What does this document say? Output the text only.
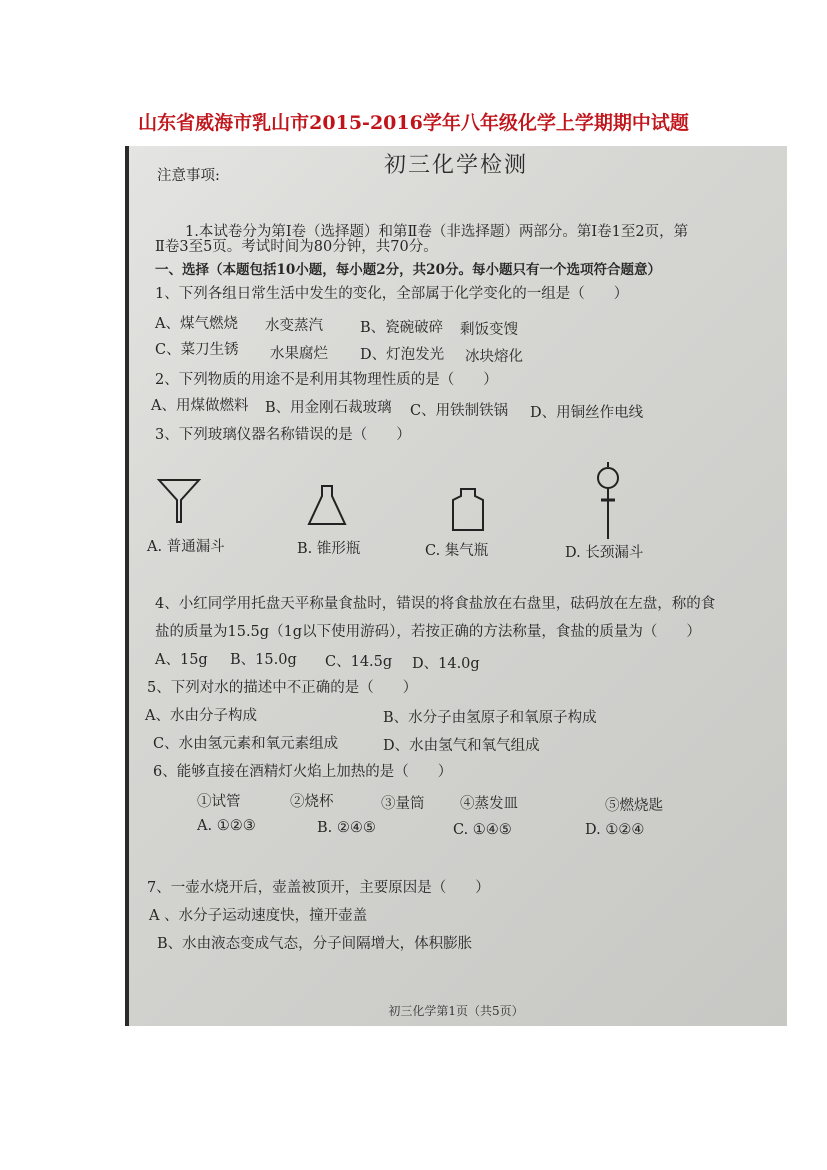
山东省威海市乳山市2015-2016学年八年级化学上学期期中试题
初三化学检测
注意事项:
1.本试卷分为第Ⅰ卷（选择题）和第Ⅱ卷（非选择题）两部分。第Ⅰ卷1至2页，第
Ⅱ卷3至5页。考试时间为80分钟，共70分。
一、选择（本题包括10小题，每小题2分，共20分。每小题只有一个选项符合题意）
1、下列各组日常生活中发生的变化，全部属于化学变化的一组是（　　）
A、煤气燃烧 水变蒸汽	B、瓷碗破碎 剩饭变馊
C、菜刀生锈 水果腐烂 D、灯泡发光 冰块熔化
2、下列物质的用途不是利用其物理性质的是（　　）
A、用煤做燃料 B、用金刚石裁玻璃 C、用铁制铁锅 D、用铜丝作电线
3、下列玻璃仪器名称错误的是（　　）
A. 普通漏斗	B. 锥形瓶	C. 集气瓶	D. 长颈漏斗
4、小红同学用托盘天平称量食盐时，错误的将食盐放在右盘里，砝码放在左盘，称的食
盐的质量为15.5g（1g以下使用游码），若按正确的方法称量，食盐的质量为（　　）
A、15g B、15.0g C、14.5g D、14.0g
5、下列对水的描述中不正确的是（　　）
A、水由分子构成	B、水分子由氢原子和氧原子构成
C、水由氢元素和氧元素组成	D、水由氢气和氧气组成
6、能够直接在酒精灯火焰上加热的是（　　）
①试管	②烧杯	③量筒 ④蒸发皿	⑤燃烧匙
A. ①②③	B. ②④⑤	C. ①④⑤	D. ①②④
7、一壶水烧开后，壶盖被顶开，主要原因是（　　）
A 、水分子运动速度快，撞开壶盖
B、水由液态变成气态，分子间隔增大，体积膨胀
初三化学第1页（共5页）
